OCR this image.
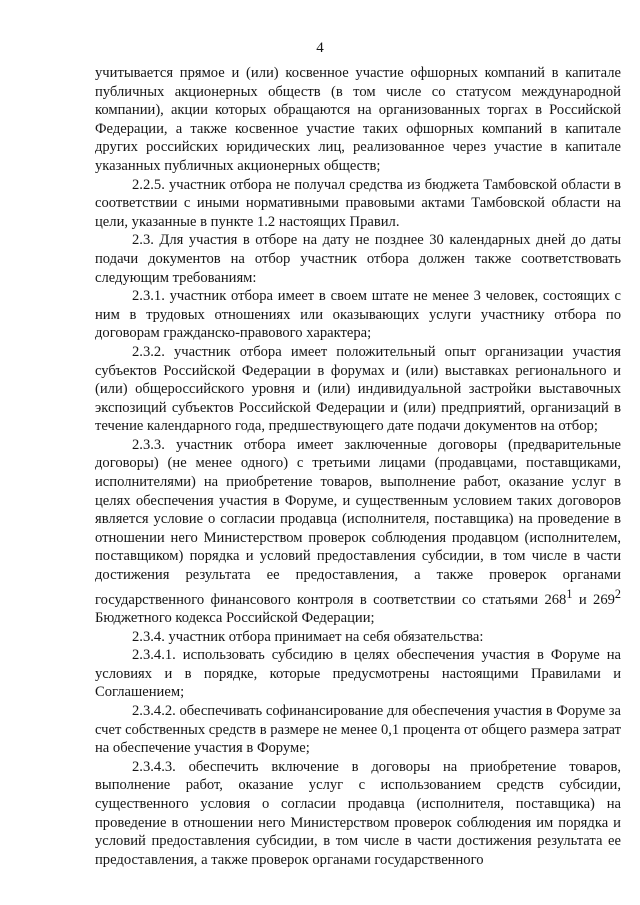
4

учитывается прямое и (или) косвенное участие офшорных компаний в капитале публичных акционерных обществ (в том числе со статусом международной компании), акции которых обращаются на организованных торгах в Российской Федерации, а также косвенное участие таких офшорных компаний в капитале других российских юридических лиц, реализованное через участие в капитале указанных публичных акционерных обществ;

2.2.5. участник отбора не получал средства из бюджета Тамбовской области в соответствии с иными нормативными правовыми актами Тамбовской области на цели, указанные в пункте 1.2 настоящих Правил.

2.3. Для участия в отборе на дату не позднее 30 календарных дней до даты подачи документов на отбор участник отбора должен также соответствовать следующим требованиям:

2.3.1. участник отбора имеет в своем штате не менее 3 человек, состоящих с ним в трудовых отношениях или оказывающих услуги участнику отбора по договорам гражданско-правового характера;

2.3.2. участник отбора имеет положительный опыт организации участия субъектов Российской Федерации в форумах и (или) выставках регионального и (или) общероссийского уровня и (или) индивидуальной застройки выставочных экспозиций субъектов Российской Федерации и (или) предприятий, организаций в течение календарного года, предшествующего дате подачи документов на отбор;

2.3.3. участник отбора имеет заключенные договоры (предварительные договоры) (не менее одного) с третьими лицами (продавцами, поставщиками, исполнителями) на приобретение товаров, выполнение работ, оказание услуг в целях обеспечения участия в Форуме, и существенным условием таких договоров является условие о согласии продавца (исполнителя, поставщика) на проведение в отношении него Министерством проверок соблюдения продавцом (исполнителем, поставщиком) порядка и условий предоставления субсидии, в том числе в части достижения результата ее предоставления, а также проверок органами государственного финансового контроля в соответствии со статьями $268^1$ и $269^2$ Бюджетного кодекса Российской Федерации;

2.3.4. участник отбора принимает на себя обязательства:

2.3.4.1. использовать субсидию в целях обеспечения участия в Форуме на условиях и в порядке, которые предусмотрены настоящими Правилами и Соглашением;

2.3.4.2. обеспечивать софинансирование для обеспечения участия в Форуме за счет собственных средств в размере не менее 0,1 процента от общего размера затрат на обеспечение участия в Форуме;

2.3.4.3. обеспечить включение в договоры на приобретение товаров, выполнение работ, оказание услуг с использованием средств субсидии, существенного условия о согласии продавца (исполнителя, поставщика) на проведение в отношении него Министерством проверок соблюдения им порядка и условий предоставления субсидии, в том числе в части достижения результата ее предоставления, а также проверок органами государственного
